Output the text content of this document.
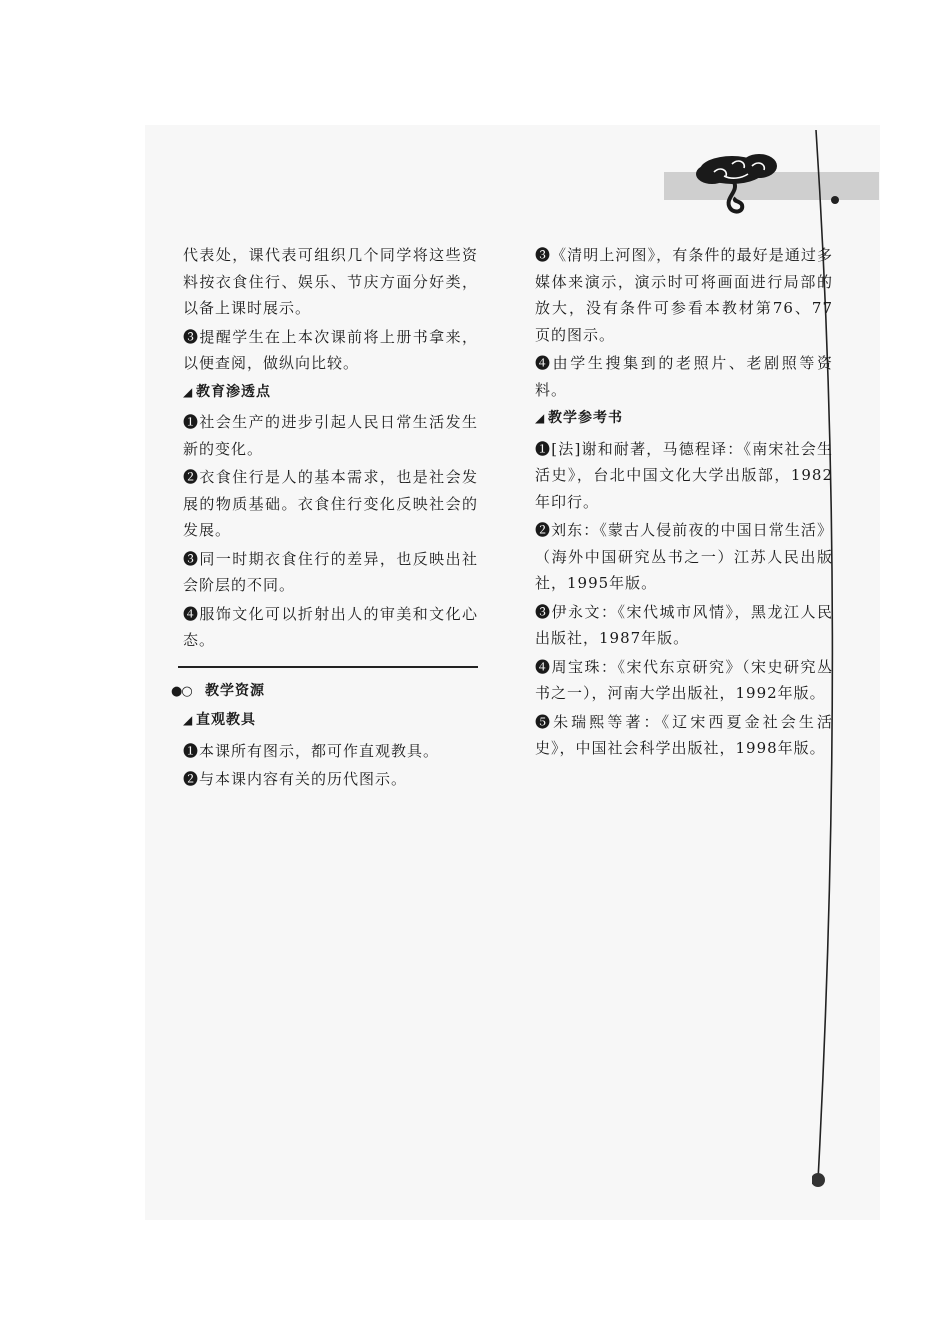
代表处，课代表可组织几个同学将这些资料按衣食住行、娱乐、节庆方面分好类，以备上课时展示。

❸提醒学生在上本次课前将上册书拿来，以便查阅，做纵向比较。

◢ 教育渗透点

❶社会生产的进步引起人民日常生活发生新的变化。

❷衣食住行是人的基本需求，也是社会发展的物质基础。衣食住行变化反映社会的发展。

❸同一时期衣食住行的差异，也反映出社会阶层的不同。

❹服饰文化可以折射出人的审美和文化心态。

●○ 教学资源
◢ 直观教具

❶本课所有图示，都可作直观教具。

❷与本课内容有关的历代图示。

❸《清明上河图》，有条件的最好是通过多媒体来演示，演示时可将画面进行局部的放大，没有条件可参看本教材第76、77页的图示。

❹由学生搜集到的老照片、老剧照等资料。

◢ 教学参考书

❶[法]谢和耐著，马德程译：《南宋社会生活史》，台北中国文化大学出版部，1982年印行。

❷刘东：《蒙古人侵前夜的中国日常生活》（海外中国研究丛书之一）江苏人民出版社，1995年版。

❸伊永文：《宋代城市风情》，黑龙江人民出版社，1987年版。

❹周宝珠：《宋代东京研究》（宋史研究丛书之一），河南大学出版社，1992年版。

❺朱瑞熙等著：《辽宋西夏金社会生活史》，中国社会科学出版社，1998年版。
